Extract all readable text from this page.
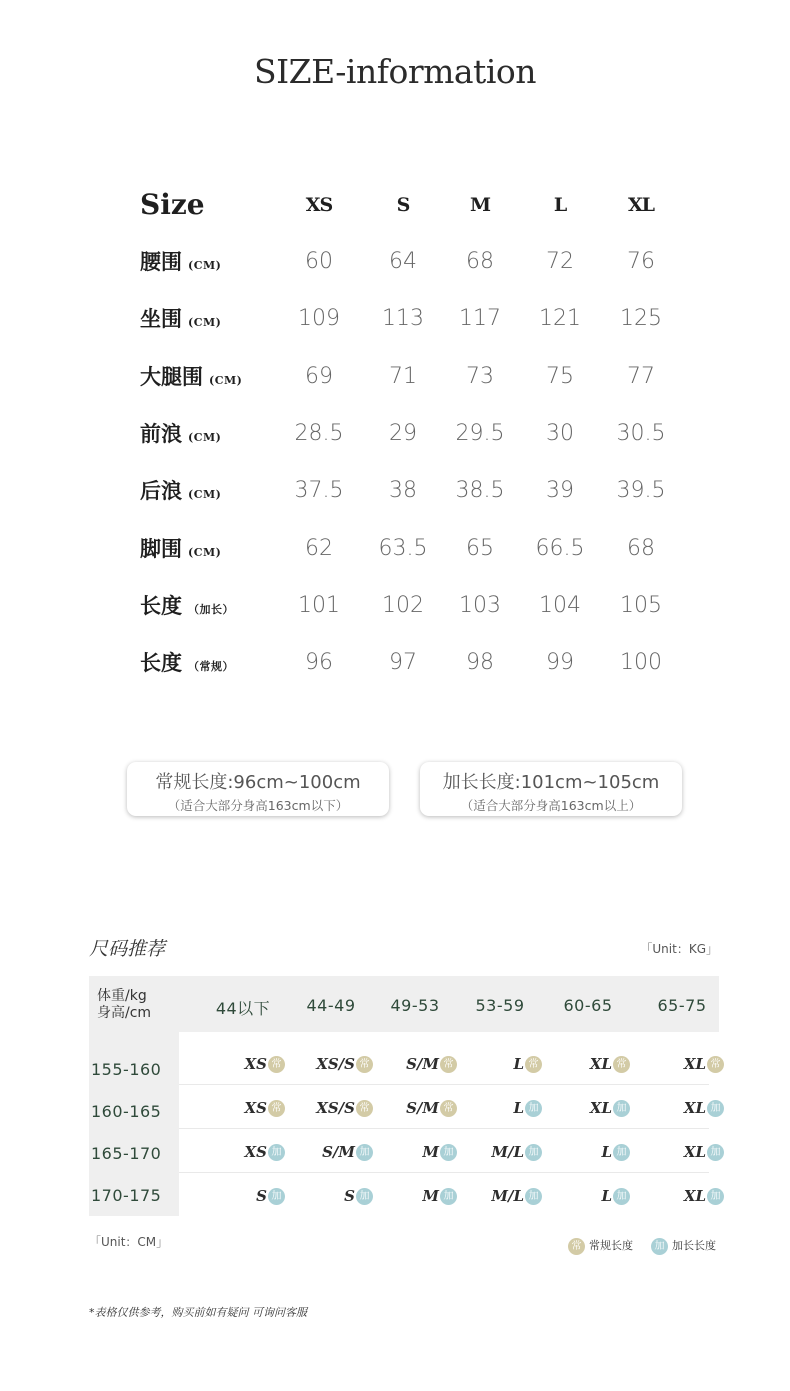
SIZE-information
Size	XS	S	M	L	XL
腰围 (CM)	60	64	68	72	76
坐围 (CM)	109	113	117	121	125
大腿围 (CM)	69	71	73	75	77
前浪 (CM)	28.5	29	29.5	30	30.5
后浪 (CM)	37.5	38	38.5	39	39.5
脚围 (CM)	62	63.5	65	66.5	68
长度 （加长）	101	102	103	104	105
长度 （常规）	96	97	98	99	100
常规长度:96cm~100cm
（适合大部分身高163cm以下）
加长长度:101cm~105cm
（适合大部分身高163cm以上）
尺码推荐	「Unit：KG」
体重/kg
身高/cm	44以下	44-49	49-53	53-59	60-65	65-75
155-160	XS 常	XS/S 常	S/M 常	L 常	XL 常	XL 常
160-165	XS 常	XS/S 常	S/M 常	L 加	XL 加	XL 加
165-170	XS 加	S/M 加	M 加	M/L 加	L 加	XL 加
170-175	S 加	S 加	M 加	M/L 加	L 加	XL 加
「Unit：CM」	常 常规长度	加 加长长度
*表格仅供参考，购买前如有疑问 可询问客服
